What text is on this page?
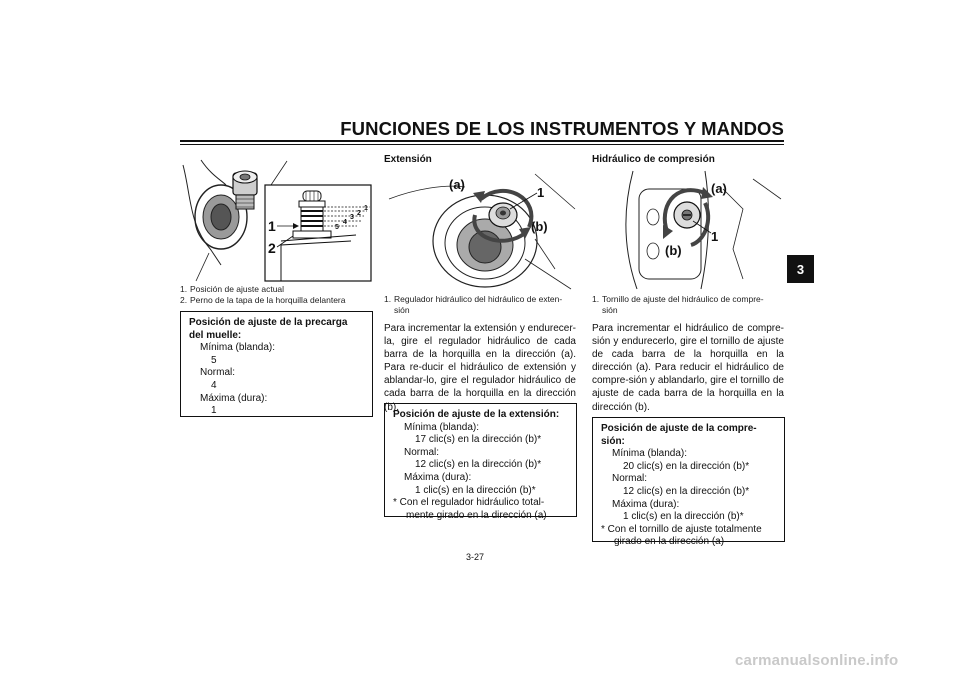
FUNCIONES DE LOS INSTRUMENTOS Y MANDOS
3
5
4
3
2
1
1
2
1. Posición de ajuste actual
2. Perno de la tapa de la horquilla delantera
Posición de ajuste de la precarga
del muelle:
Mínima (blanda):
5
Normal:
4
Máxima (dura):
1
Extensión
(a)
1
(b)
1. Regulador hidráulico del hidráulico de exten-
sión
Para incrementar la extensión y endurecer-la, gire el regulador hidráulico de cada barra de la horquilla en la dirección (a). Para re-ducir el hidráulico de extensión y ablandar-lo, gire el regulador hidráulico de cada barra de la horquilla en la dirección (b).
Posición de ajuste de la extensión:
Mínima (blanda):
17 clic(s) en la dirección (b)*
Normal:
12 clic(s) en la dirección (b)*
Máxima (dura):
1 clic(s) en la dirección (b)*
* Con el regulador hidráulico total-
mente girado en la dirección (a)
Hidráulico de compresión
(a)
1
(b)
1. Tornillo de ajuste del hidráulico de compre-
sión
Para incrementar el hidráulico de compre-sión y endurecerlo, gire el tornillo de ajuste de cada barra de la horquilla en la dirección (a). Para reducir el hidráulico de compre-sión y ablandarlo, gire el tornillo de ajuste de cada barra de la horquilla en la dirección (b).
Posición de ajuste de la compre-
sión:
Mínima (blanda):
20 clic(s) en la dirección (b)*
Normal:
12 clic(s) en la dirección (b)*
Máxima (dura):
1 clic(s) en la dirección (b)*
* Con el tornillo de ajuste totalmente
girado en la dirección (a)
3-27
carmanualsonline.info
